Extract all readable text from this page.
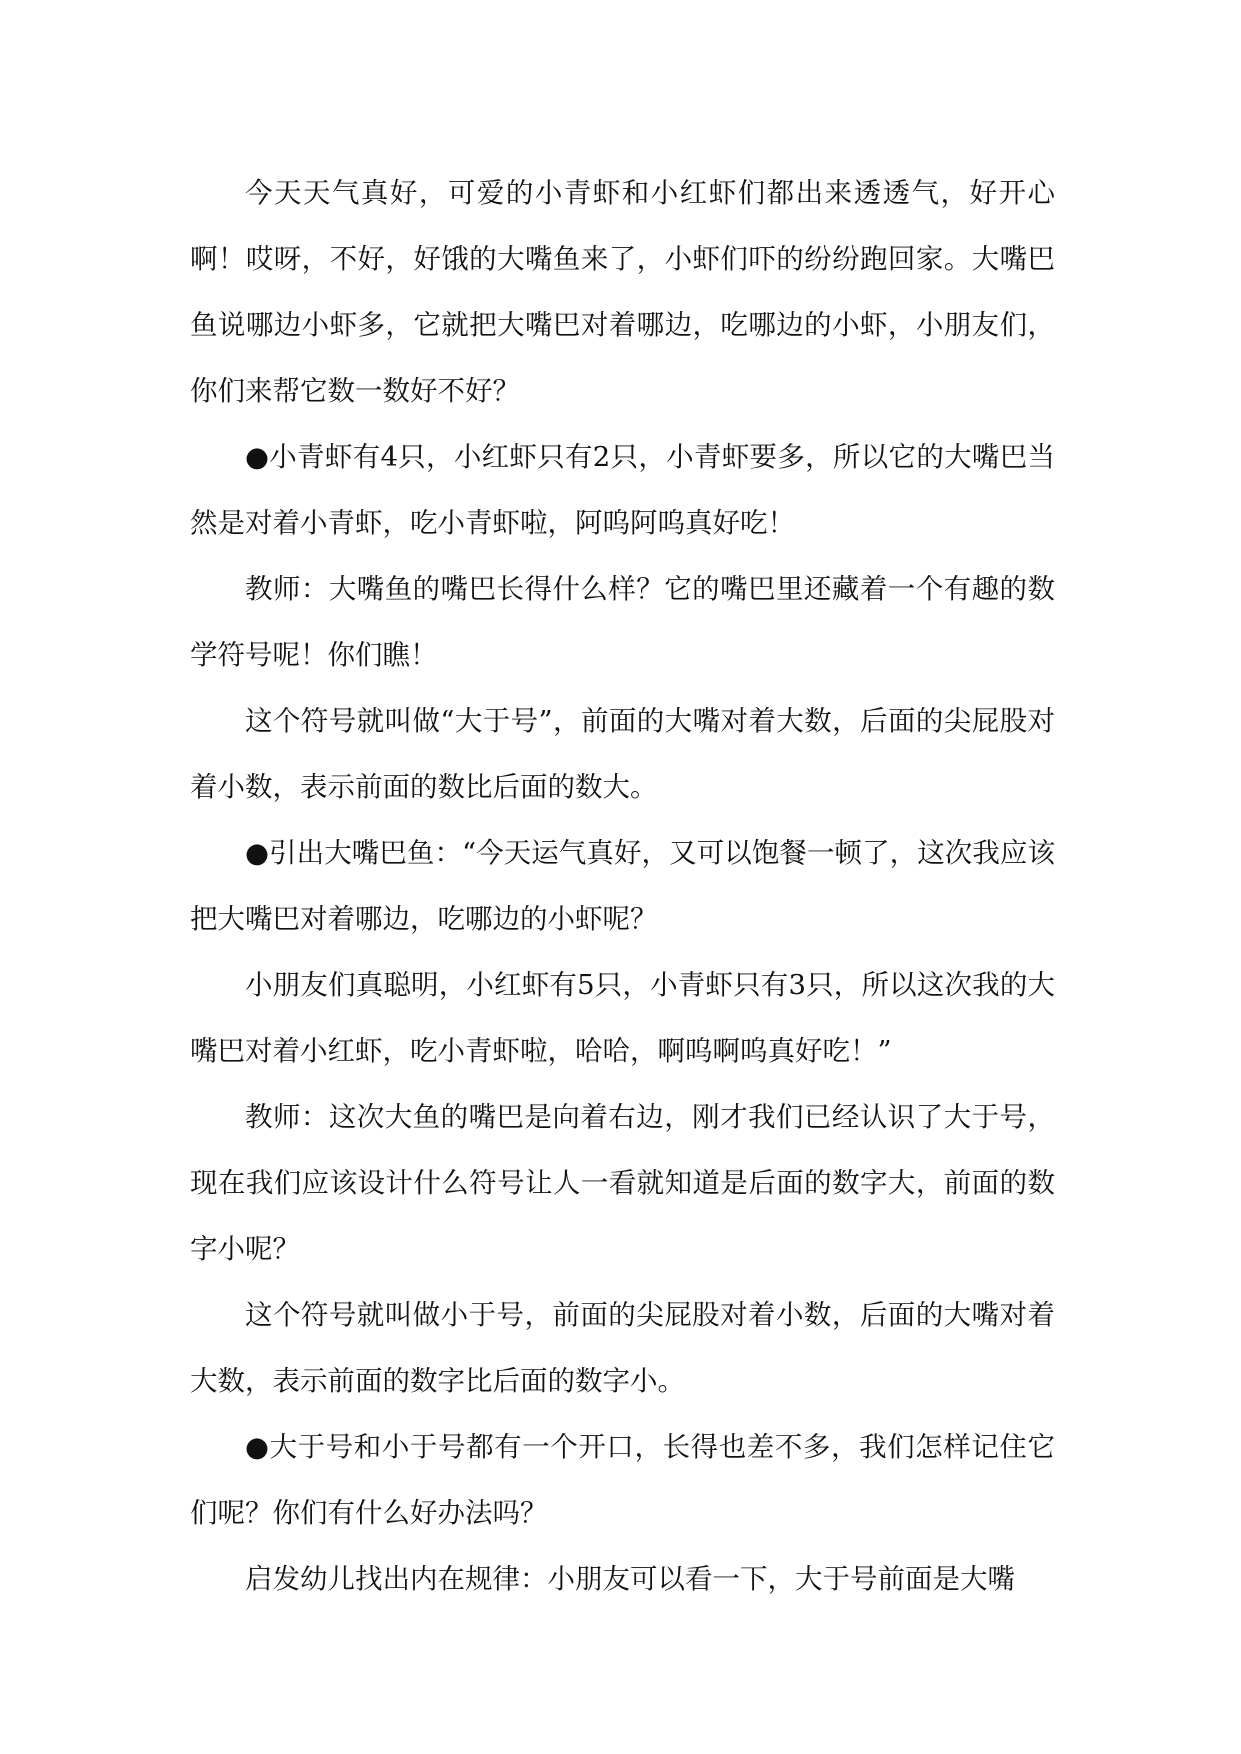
今天天气真好，可爱的小青虾和小红虾们都出来透透气，好开心啊！哎呀，不好，好饿的大嘴鱼来了，小虾们吓的纷纷跑回家。大嘴巴鱼说哪边小虾多，它就把大嘴巴对着哪边，吃哪边的小虾，小朋友们，你们来帮它数一数好不好？

●小青虾有4只，小红虾只有2只，小青虾要多，所以它的大嘴巴当然是对着小青虾，吃小青虾啦，阿呜阿呜真好吃！

教师：大嘴鱼的嘴巴长得什么样？它的嘴巴里还藏着一个有趣的数学符号呢！你们瞧！

这个符号就叫做“大于号”，前面的大嘴对着大数，后面的尖屁股对着小数，表示前面的数比后面的数大。

●引出大嘴巴鱼：“今天运气真好，又可以饱餐一顿了，这次我应该把大嘴巴对着哪边，吃哪边的小虾呢？

小朋友们真聪明，小红虾有5只，小青虾只有3只，所以这次我的大嘴巴对着小红虾，吃小青虾啦，哈哈，啊呜啊呜真好吃！”

教师：这次大鱼的嘴巴是向着右边，刚才我们已经认识了大于号，现在我们应该设计什么符号让人一看就知道是后面的数字大，前面的数字小呢？

这个符号就叫做小于号，前面的尖屁股对着小数，后面的大嘴对着大数，表示前面的数字比后面的数字小。

●大于号和小于号都有一个开口，长得也差不多，我们怎样记住它们呢？你们有什么好办法吗？

启发幼儿找出内在规律：小朋友可以看一下，大于号前面是大嘴
